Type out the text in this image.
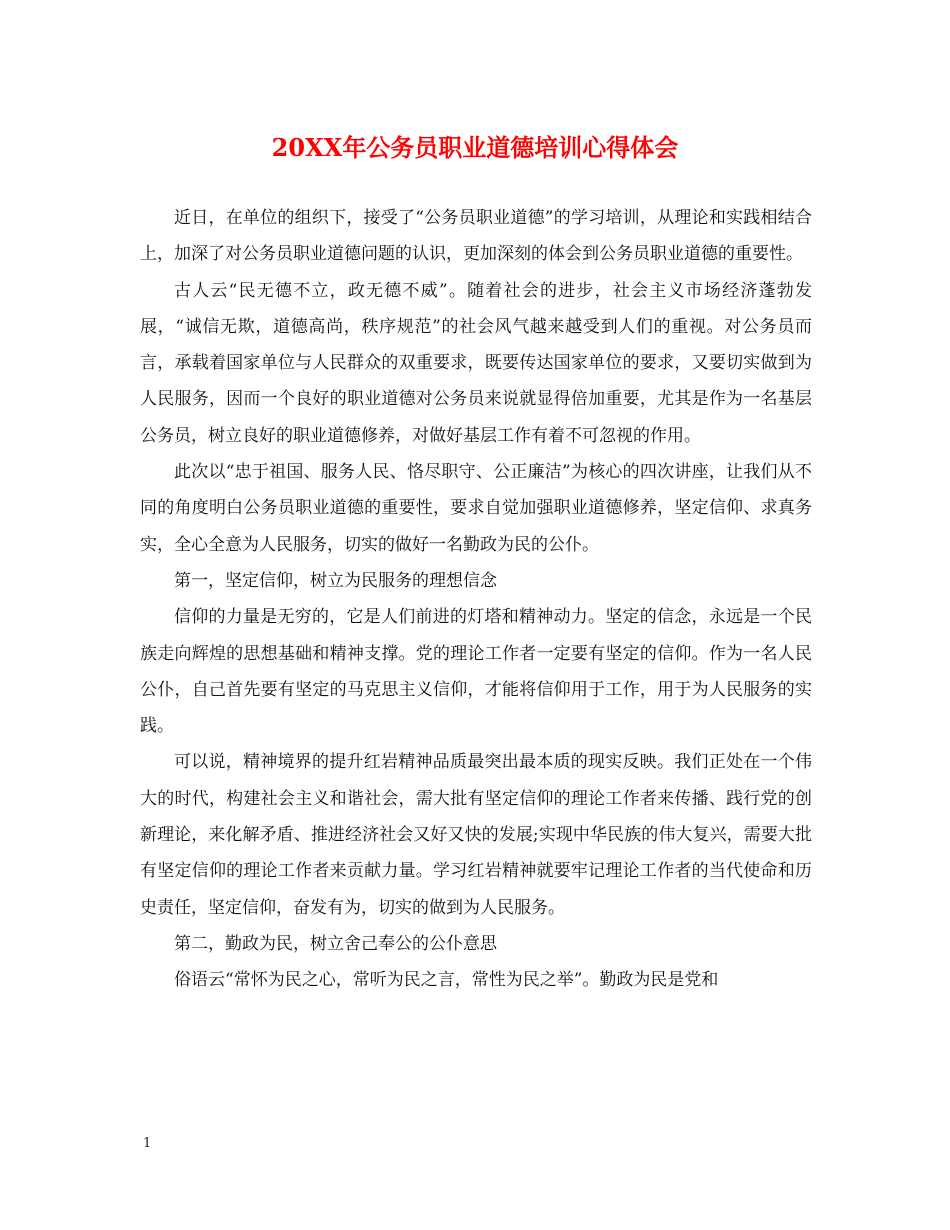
20XX年公务员职业道德培训心得体会

近日，在单位的组织下，接受了“公务员职业道德”的学习培训，从理论和实践相结合上，加深了对公务员职业道德问题的认识，更加深刻的体会到公务员职业道德的重要性。

古人云“民无德不立，政无德不威”。随着社会的进步，社会主义市场经济蓬勃发展，“诚信无欺，道德高尚，秩序规范”的社会风气越来越受到人们的重视。对公务员而言，承载着国家单位与人民群众的双重要求，既要传达国家单位的要求，又要切实做到为人民服务，因而一个良好的职业道德对公务员来说就显得倍加重要，尤其是作为一名基层公务员，树立良好的职业道德修养，对做好基层工作有着不可忽视的作用。

此次以“忠于祖国、服务人民、恪尽职守、公正廉洁”为核心的四次讲座，让我们从不同的角度明白公务员职业道德的重要性，要求自觉加强职业道德修养，坚定信仰、求真务实，全心全意为人民服务，切实的做好一名勤政为民的公仆。

第一，坚定信仰，树立为民服务的理想信念

信仰的力量是无穷的，它是人们前进的灯塔和精神动力。坚定的信念，永远是一个民族走向辉煌的思想基础和精神支撑。党的理论工作者一定要有坚定的信仰。作为一名人民公仆，自己首先要有坚定的马克思主义信仰，才能将信仰用于工作，用于为人民服务的实践。

可以说，精神境界的提升红岩精神品质最突出最本质的现实反映。我们正处在一个伟大的时代，构建社会主义和谐社会，需大批有坚定信仰的理论工作者来传播、践行党的创新理论，来化解矛盾、推进经济社会又好又快的发展;实现中华民族的伟大复兴，需要大批有坚定信仰的理论工作者来贡献力量。学习红岩精神就要牢记理论工作者的当代使命和历史责任，坚定信仰，奋发有为，切实的做到为人民服务。

第二，勤政为民，树立舍己奉公的公仆意思

俗语云“常怀为民之心，常听为民之言，常性为民之举”。勤政为民是党和

1
